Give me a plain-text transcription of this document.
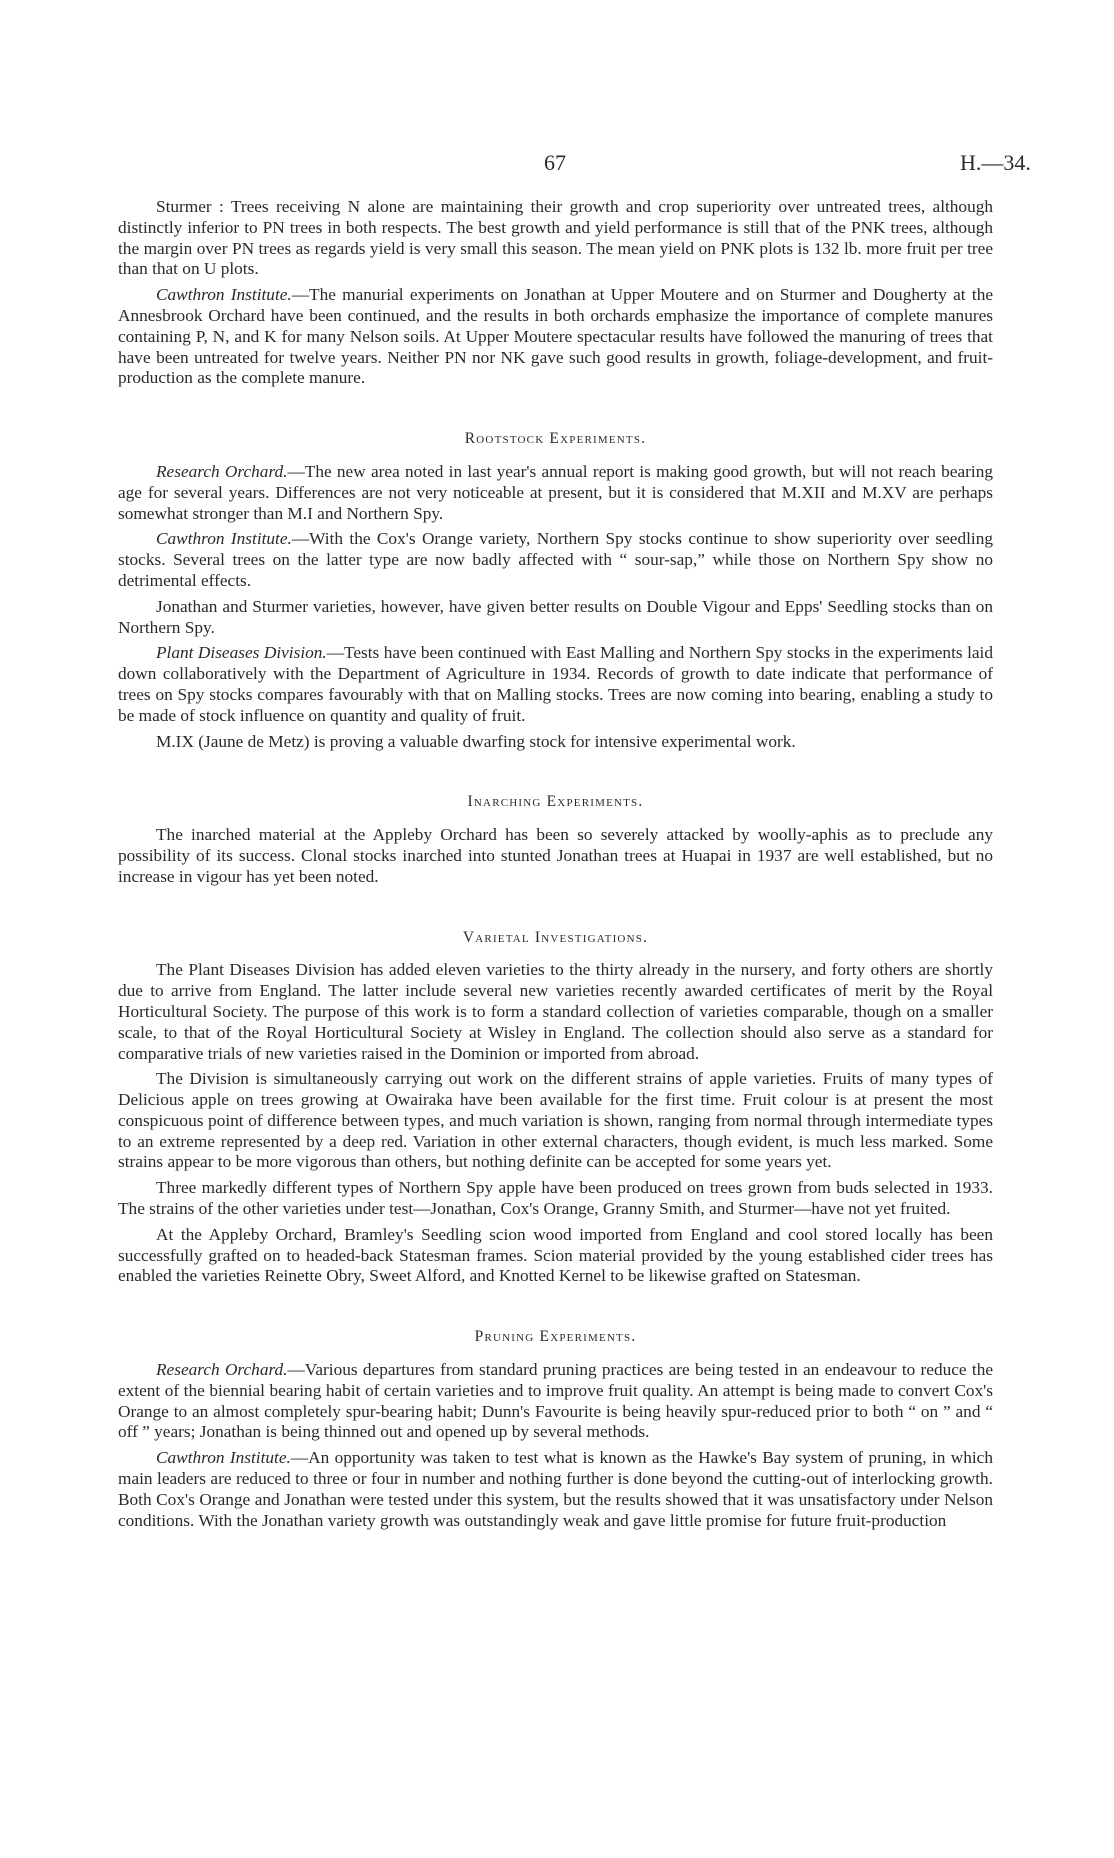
67	H.—34.

Sturmer : Trees receiving N alone are maintaining their growth and crop superiority over untreated trees, although distinctly inferior to PN trees in both respects. The best growth and yield performance is still that of the PNK trees, although the margin over PN trees as regards yield is very small this season. The mean yield on PNK plots is 132 lb. more fruit per tree than that on U plots.

Cawthron Institute.—The manurial experiments on Jonathan at Upper Moutere and on Sturmer and Dougherty at the Annesbrook Orchard have been continued, and the results in both orchards emphasize the importance of complete manures containing P, N, and K for many Nelson soils. At Upper Moutere spectacular results have followed the manuring of trees that have been untreated for twelve years. Neither PN nor NK gave such good results in growth, foliage-development, and fruit-production as the complete manure.

Rootstock Experiments.

Research Orchard.—The new area noted in last year's annual report is making good growth, but will not reach bearing age for several years. Differences are not very noticeable at present, but it is considered that M.XII and M.XV are perhaps somewhat stronger than M.I and Northern Spy.

Cawthron Institute.—With the Cox's Orange variety, Northern Spy stocks continue to show superiority over seedling stocks. Several trees on the latter type are now badly affected with “ sour-sap,” while those on Northern Spy show no detrimental effects.

Jonathan and Sturmer varieties, however, have given better results on Double Vigour and Epps' Seedling stocks than on Northern Spy.

Plant Diseases Division.—Tests have been continued with East Malling and Northern Spy stocks in the experiments laid down collaboratively with the Department of Agriculture in 1934. Records of growth to date indicate that performance of trees on Spy stocks compares favourably with that on Malling stocks. Trees are now coming into bearing, enabling a study to be made of stock influence on quantity and quality of fruit.

M.IX (Jaune de Metz) is proving a valuable dwarfing stock for intensive experimental work.

Inarching Experiments.

The inarched material at the Appleby Orchard has been so severely attacked by woolly-aphis as to preclude any possibility of its success. Clonal stocks inarched into stunted Jonathan trees at Huapai in 1937 are well established, but no increase in vigour has yet been noted.

Varietal Investigations.

The Plant Diseases Division has added eleven varieties to the thirty already in the nursery, and forty others are shortly due to arrive from England. The latter include several new varieties recently awarded certificates of merit by the Royal Horticultural Society. The purpose of this work is to form a standard collection of varieties comparable, though on a smaller scale, to that of the Royal Horticultural Society at Wisley in England. The collection should also serve as a standard for comparative trials of new varieties raised in the Dominion or imported from abroad.

The Division is simultaneously carrying out work on the different strains of apple varieties. Fruits of many types of Delicious apple on trees growing at Owairaka have been available for the first time. Fruit colour is at present the most conspicuous point of difference between types, and much variation is shown, ranging from normal through intermediate types to an extreme represented by a deep red. Variation in other external characters, though evident, is much less marked. Some strains appear to be more vigorous than others, but nothing definite can be accepted for some years yet.

Three markedly different types of Northern Spy apple have been produced on trees grown from buds selected in 1933. The strains of the other varieties under test—Jonathan, Cox's Orange, Granny Smith, and Sturmer—have not yet fruited.

At the Appleby Orchard, Bramley's Seedling scion wood imported from England and cool stored locally has been successfully grafted on to headed-back Statesman frames. Scion material provided by the young established cider trees has enabled the varieties Reinette Obry, Sweet Alford, and Knotted Kernel to be likewise grafted on Statesman.

Pruning Experiments.

Research Orchard.—Various departures from standard pruning practices are being tested in an endeavour to reduce the extent of the biennial bearing habit of certain varieties and to improve fruit quality. An attempt is being made to convert Cox's Orange to an almost completely spur-bearing habit; Dunn's Favourite is being heavily spur-reduced prior to both “ on ” and “ off ” years; Jonathan is being thinned out and opened up by several methods.

Cawthron Institute.—An opportunity was taken to test what is known as the Hawke's Bay system of pruning, in which main leaders are reduced to three or four in number and nothing further is done beyond the cutting-out of interlocking growth. Both Cox's Orange and Jonathan were tested under this system, but the results showed that it was unsatisfactory under Nelson conditions. With the Jonathan variety growth was outstandingly weak and gave little promise for future fruit-production
